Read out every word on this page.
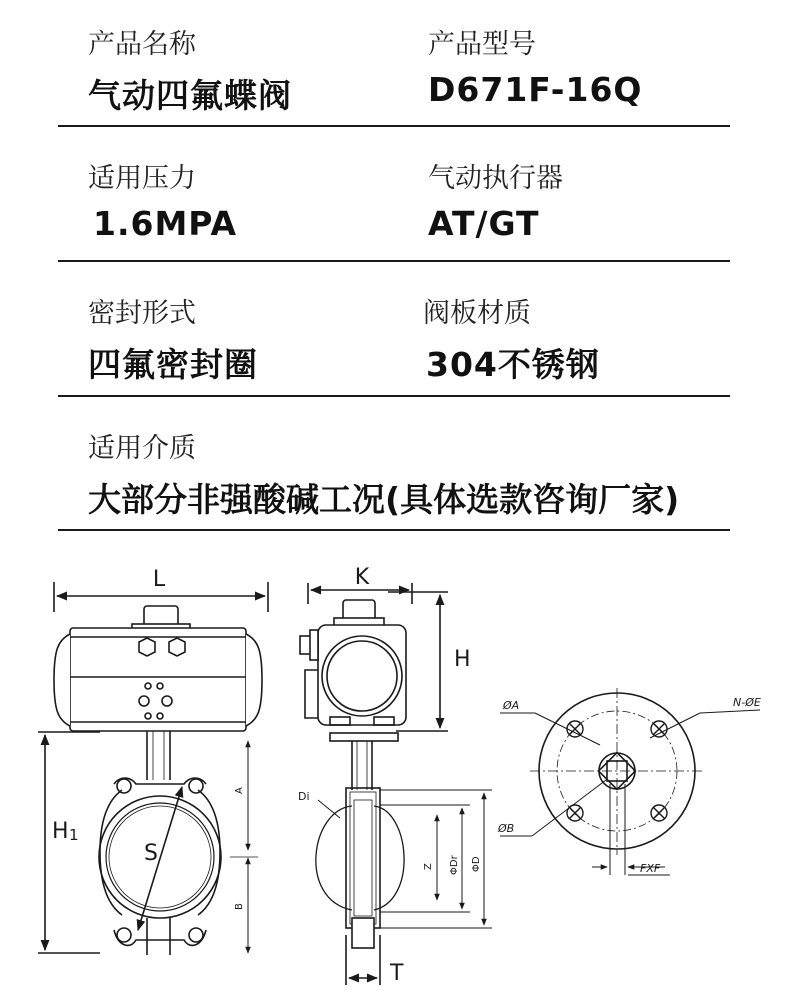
产品名称
气动四氟蝶阀
产品型号
D671F-16Q
适用压力
1.6MPA
气动执行器
AT/GT
密封形式
四氟密封圈
阀板材质
304不锈钢
适用介质
大部分非强酸碱工况(具体选款咨询厂家)
L
H 1
S
A
B
K
H
Di
Z ΦDr ΦD
T
ØA	N-ØE
ØB
FXF
